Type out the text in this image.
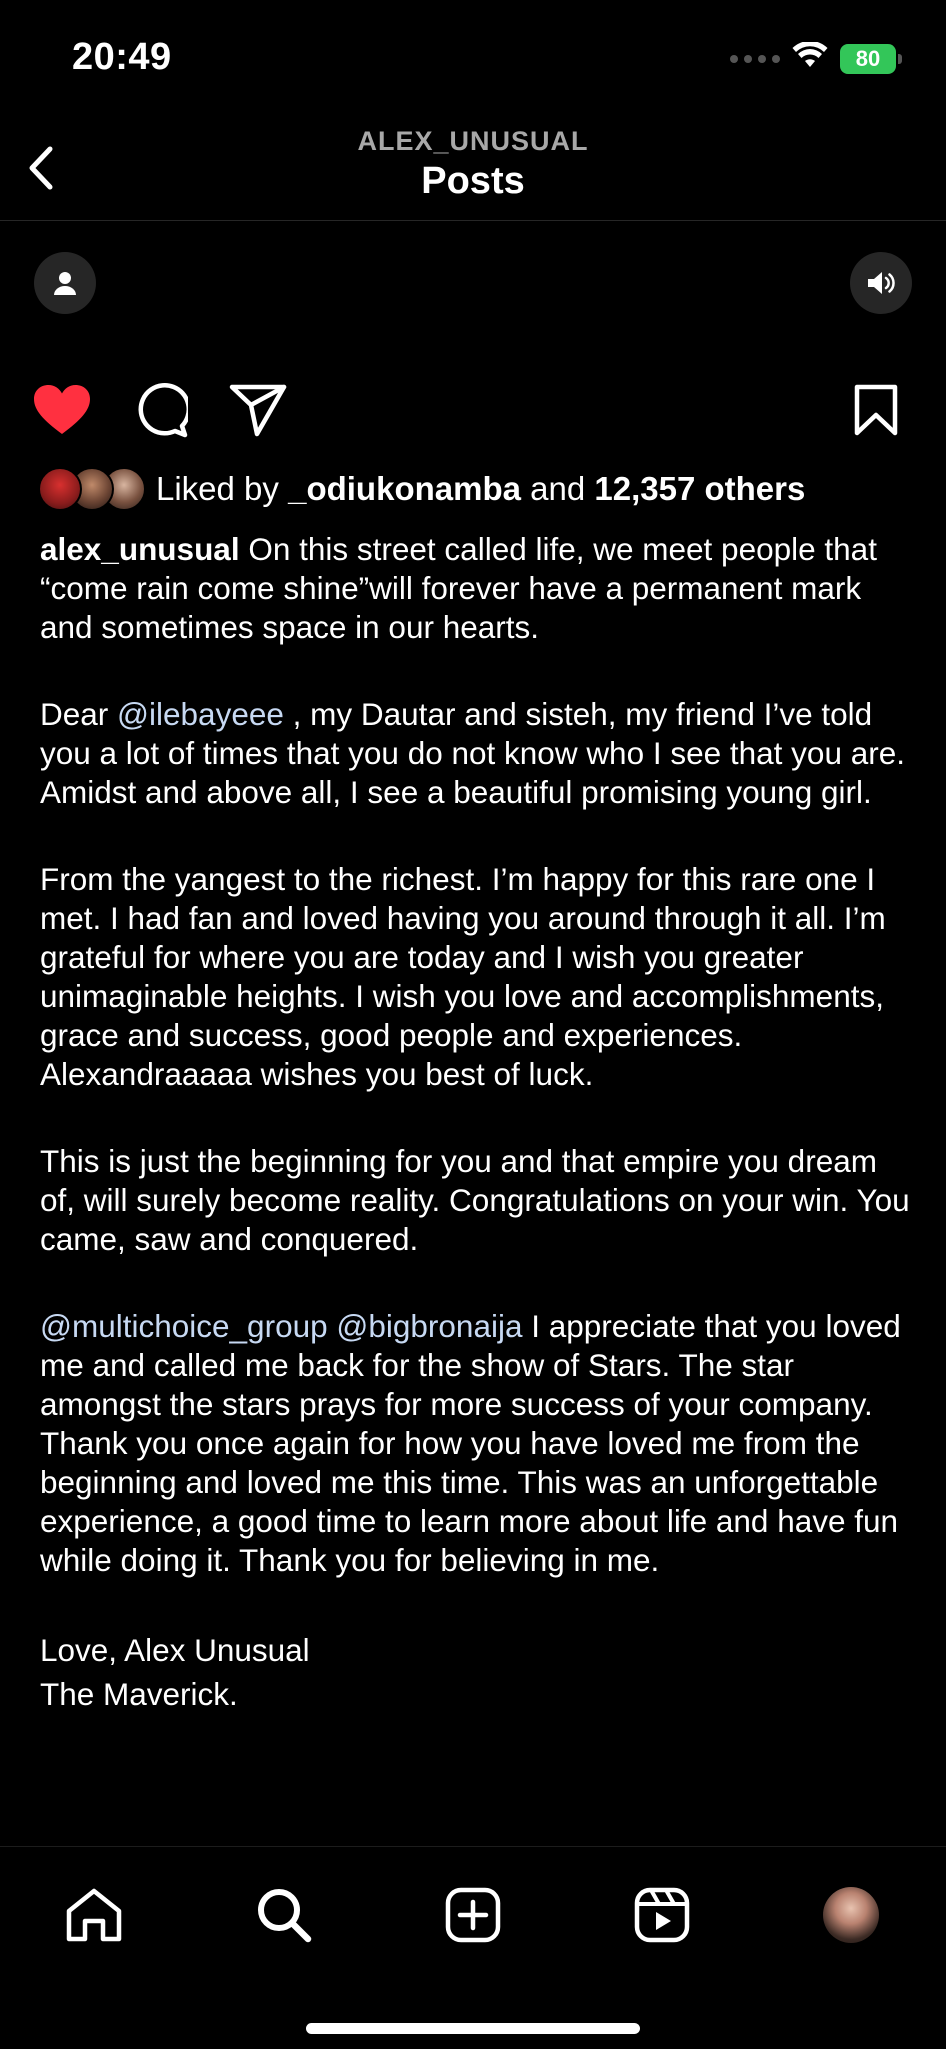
20:49	80
ALEX_UNUSUAL
Posts
Liked by
_odiukonamba
and
12,357 others

alex_unusual On this street called life, we meet people that “come rain come shine”will forever have a permanent mark and sometimes space in our hearts.

Dear @ilebayeee , my Dautar and sisteh, my friend I’ve told you a lot of times that you do not know who I see that you are. Amidst and above all, I see a beautiful promising young girl.

From the yangest to the richest. I’m happy for this rare one I met. I had fan and loved having you around through it all. I’m grateful for where you are today and I wish you greater unimaginable heights. I wish you love and accomplishments, grace and success, good people and experiences. Alexandraaaaa wishes you best of luck.

This is just the beginning for you and that empire you dream of, will surely become reality. Congratulations on your win. You came, saw and conquered.

@multichoice_group @bigbronaija I appreciate that you loved me and called me back for the show of Stars. The star amongst the stars prays for more success of your company. Thank you once again for how you have loved me from the beginning and loved me this time. This was an unforgettable experience, a good time to learn more about life and have fun while doing it. Thank you for believing in me.

Love, Alex Unusual
The Maverick.
